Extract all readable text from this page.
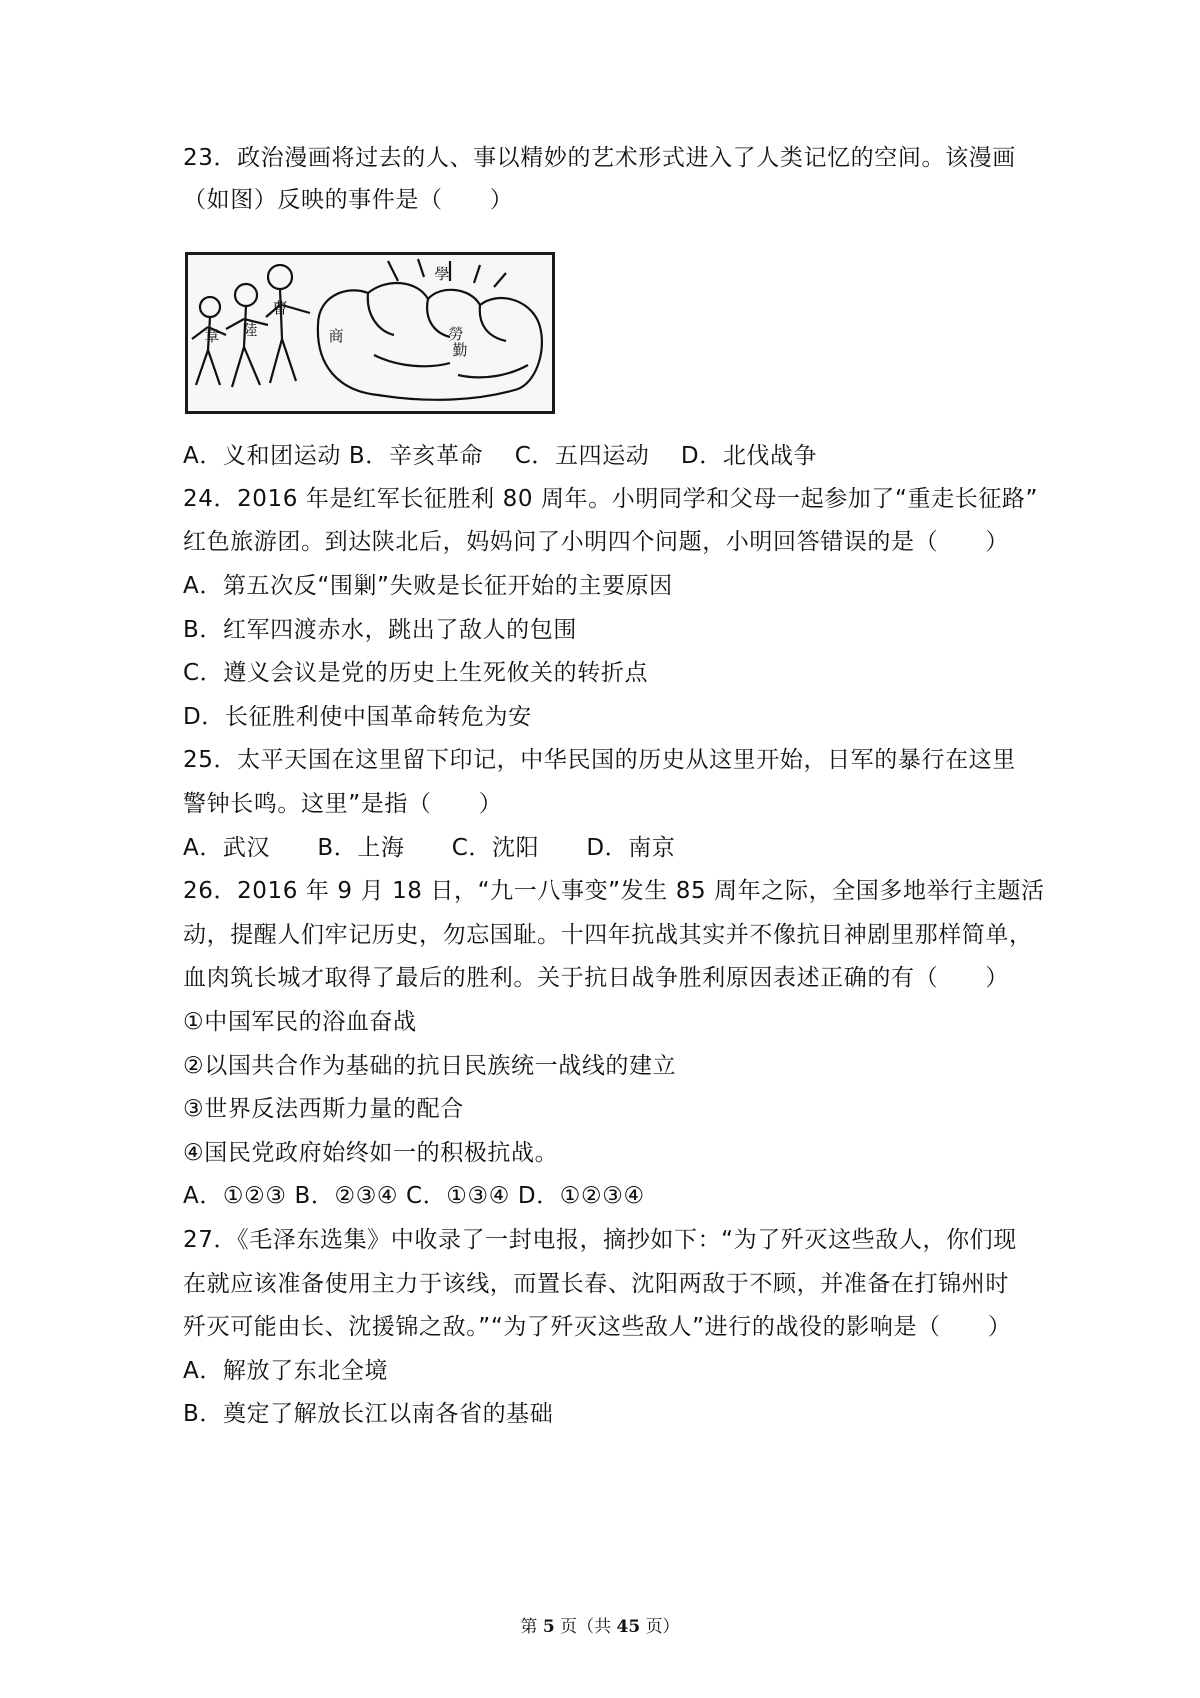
23．政治漫画将过去的人、事以精妙的艺术形式进入了人类记忆的空间。该漫画
（如图）反映的事件是（　　）
章 陸
曹
商
學
勞
勤
A．义和团运动 B．辛亥革命　 C．五四运动　 D．北伐战争
24．2016 年是红军长征胜利 80 周年。小明同学和父母一起参加了“重走长征路”
红色旅游团。到达陕北后，妈妈问了小明四个问题，小明回答错误的是（　　）
A．第五次反“围剿”失败是长征开始的主要原因
B．红军四渡赤水，跳出了敌人的包围
C．遵义会议是党的历史上生死攸关的转折点
D．长征胜利使中国革命转危为安
25．太平天国在这里留下印记，中华民国的历史从这里开始，日军的暴行在这里
警钟长鸣。这里”是指（　　）
A．武汉　　B．上海　　C．沈阳　　D．南京
26．2016 年 9 月 18 日，“九一八事变”发生 85 周年之际，全国多地举行主题活
动，提醒人们牢记历史，勿忘国耻。十四年抗战其实并不像抗日神剧里那样简单，
血肉筑长城才取得了最后的胜利。关于抗日战争胜利原因表述正确的有（　　）
①中国军民的浴血奋战
②以国共合作为基础的抗日民族统一战线的建立
③世界反法西斯力量的配合
④国民党政府始终如一的积极抗战。
A．①②③ B．②③④ C．①③④ D．①②③④
27．《毛泽东选集》中收录了一封电报，摘抄如下：“为了歼灭这些敌人，你们现
在就应该准备使用主力于该线，而置长春、沈阳两敌于不顾，并准备在打锦州时
歼灭可能由长、沈援锦之敌。”“为了歼灭这些敌人”进行的战役的影响是（　　）
A．解放了东北全境
B．奠定了解放长江以南各省的基础
第 5 页（共 45 页）
